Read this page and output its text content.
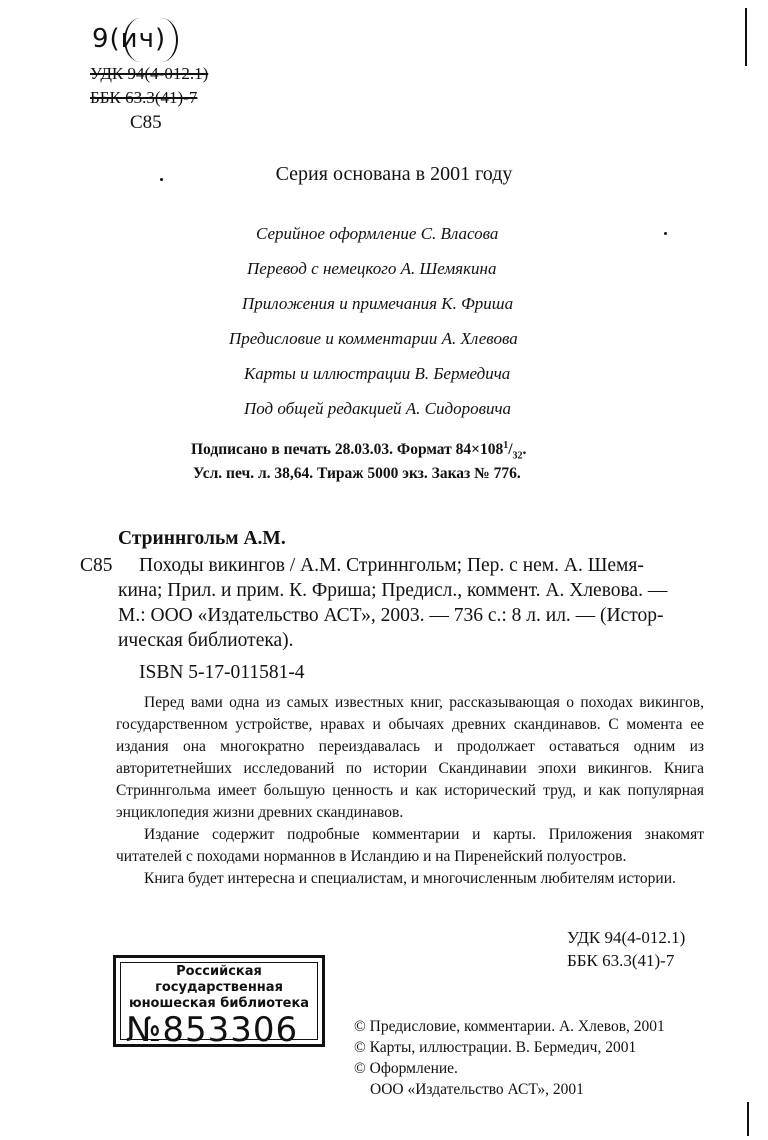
9(ич)
УДК 94(4-012.1)
ББК 63.3(41)-7
С85
Серия основана в 2001 году
Серийное оформление С. Власова
Перевод с немецкого А. Шемякина
Приложения и примечания К. Фриша
Предисловие и комментарии А. Хлевова
Карты и иллюстрации В. Бермедича
Под общей редакцией А. Сидоровича
Подписано в печать 28.03.03. Формат $84\times 108^1/_{32}$.
Усл. печ. л. 38,64. Тираж 5000 экз. Заказ № 776.
Стриннгольм А.М.
С85 Походы викингов / А.М. Стриннгольм; Пер. с нем. А. Шемя-
кина; Прил. и прим. К. Фриша; Предисл., коммент. А. Хлевова. —
М.: ООО «Издательство АСТ», 2003. — 736 с.: 8 л. ил. — (Истор-
ическая библиотека).
ISBN 5-17-011581-4

Перед вами одна из самых известных книг, рассказывающая о походах викингов, государственном устройстве, нравах и обычаях древних скандинавов. С момента ее издания она многократно переиздавалась и продолжает оставаться одним из авторитетнейших исследований по истории Скандинавии эпохи викингов. Книга Стриннгольма имеет большую ценность и как исторический труд, и как популярная энциклопедия жизни древних скандинавов.

Издание содержит подробные комментарии и карты. Приложения знакомят читателей с походами норманнов в Исландию и на Пиренейский полуостров.

Книга будет интересна и специалистам, и многочисленным любителям истории.

УДК 94(4-012.1)
ББК 63.3(41)-7
Российская
государственная
юношеская библиотека
№853306	© Предисловие, комментарии. А. Хлевов, 2001
© Карты, иллюстрации. В. Бермедич, 2001
© Оформление.
ООО «Издательство АСТ», 2001
